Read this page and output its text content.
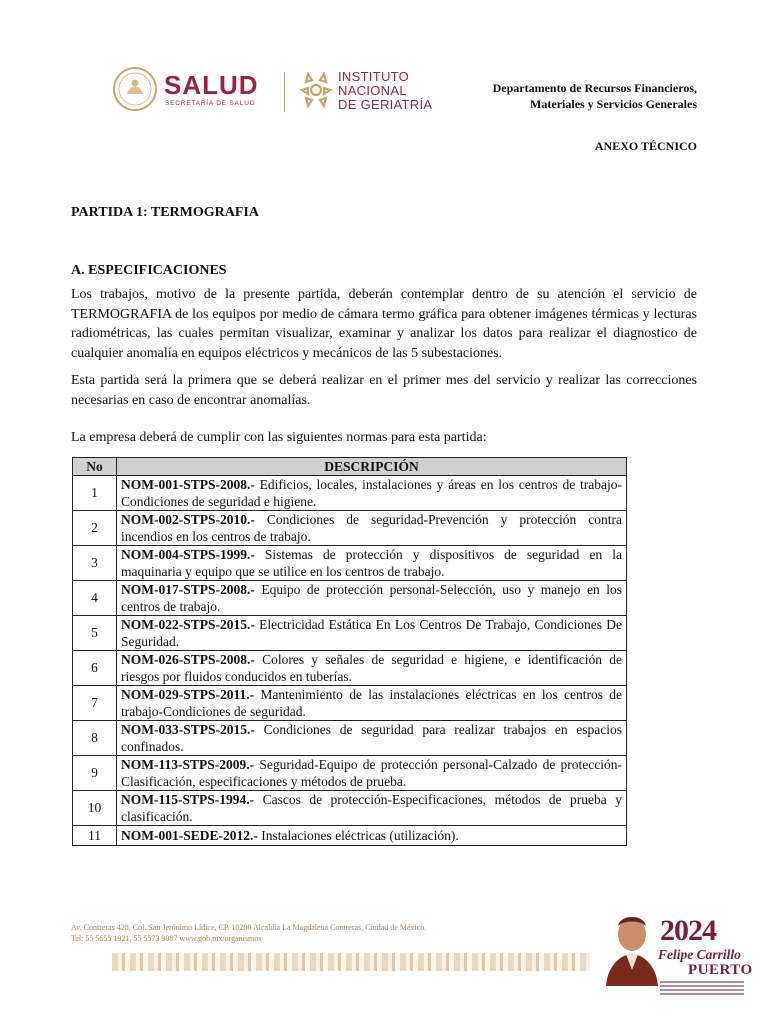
SALUD
SECRETARÍA DE SALUD
INSTITUTO
NACIONAL
DE GERIATRÍA
Departamento de Recursos Financieros,
Materiales y Servicios Generales
ANEXO TÉCNICO

PARTIDA 1: TERMOGRAFIA

A. ESPECIFICACIONES

Los trabajos, motivo de la presente partida, deberán contemplar dentro de su atención el servicio de TERMOGRAFIA de los equipos por medio de cámara termo gráfica para obtener imágenes térmicas y lecturas radiométricas, las cuales permitan visualizar, examinar y analizar los datos para realizar el diagnostico de cualquier anomalía en equipos eléctricos y mecánicos de las 5 subestaciones.

Esta partida será la primera que se deberá realizar en el primer mes del servicio y realizar las correcciones necesarias en caso de encontrar anomalías.

La empresa deberá de cumplir con las siguientes normas para esta partida:

No	DESCRIPCIÓN
1	NOM-001-STPS-2008.- Edificios, locales, instalaciones y áreas en los centros de trabajo-Condiciones de seguridad e higiene.
2	NOM-002-STPS-2010.- Condiciones de seguridad-Prevención y protección contra incendios en los centros de trabajo.
3	NOM-004-STPS-1999.- Sistemas de protección y dispositivos de seguridad en la maquinaria y equipo que se utilice en los centros de trabajo.
4	NOM-017-STPS-2008.- Equipo de protección personal-Selección, uso y manejo en los centros de trabajo.
5	NOM-022-STPS-2015.- Electricidad Estática En Los Centros De Trabajo, Condiciones De Seguridad.
6	NOM-026-STPS-2008.- Colores y señales de seguridad e higiene, e identificación de riesgos por fluidos conducidos en tuberías.
7	NOM-029-STPS-2011.- Mantenimiento de las instalaciones eléctricas en los centros de trabajo-Condiciones de seguridad.
8	NOM-033-STPS-2015.- Condiciones de seguridad para realizar trabajos en espacios confinados.
9	NOM-113-STPS-2009.- Seguridad-Equipo de protección personal-Calzado de protección-Clasificación, especificaciones y métodos de prueba.
10	NOM-115-STPS-1994.- Cascos de protección-Especificaciones, métodos de prueba y clasificación.
11	NOM-001-SEDE-2012.- Instalaciones eléctricas (utilización).
Av. Contreras 428, Col. San Jerónimo Lídice, CP. 10200 Alcaldía La Magdalena Contreras, Ciudad de México.
Tel: 55 5655 1921, 55 5573 9087 www.gob.mx/organismos	2024
Felipe Carrillo
PUERTO
